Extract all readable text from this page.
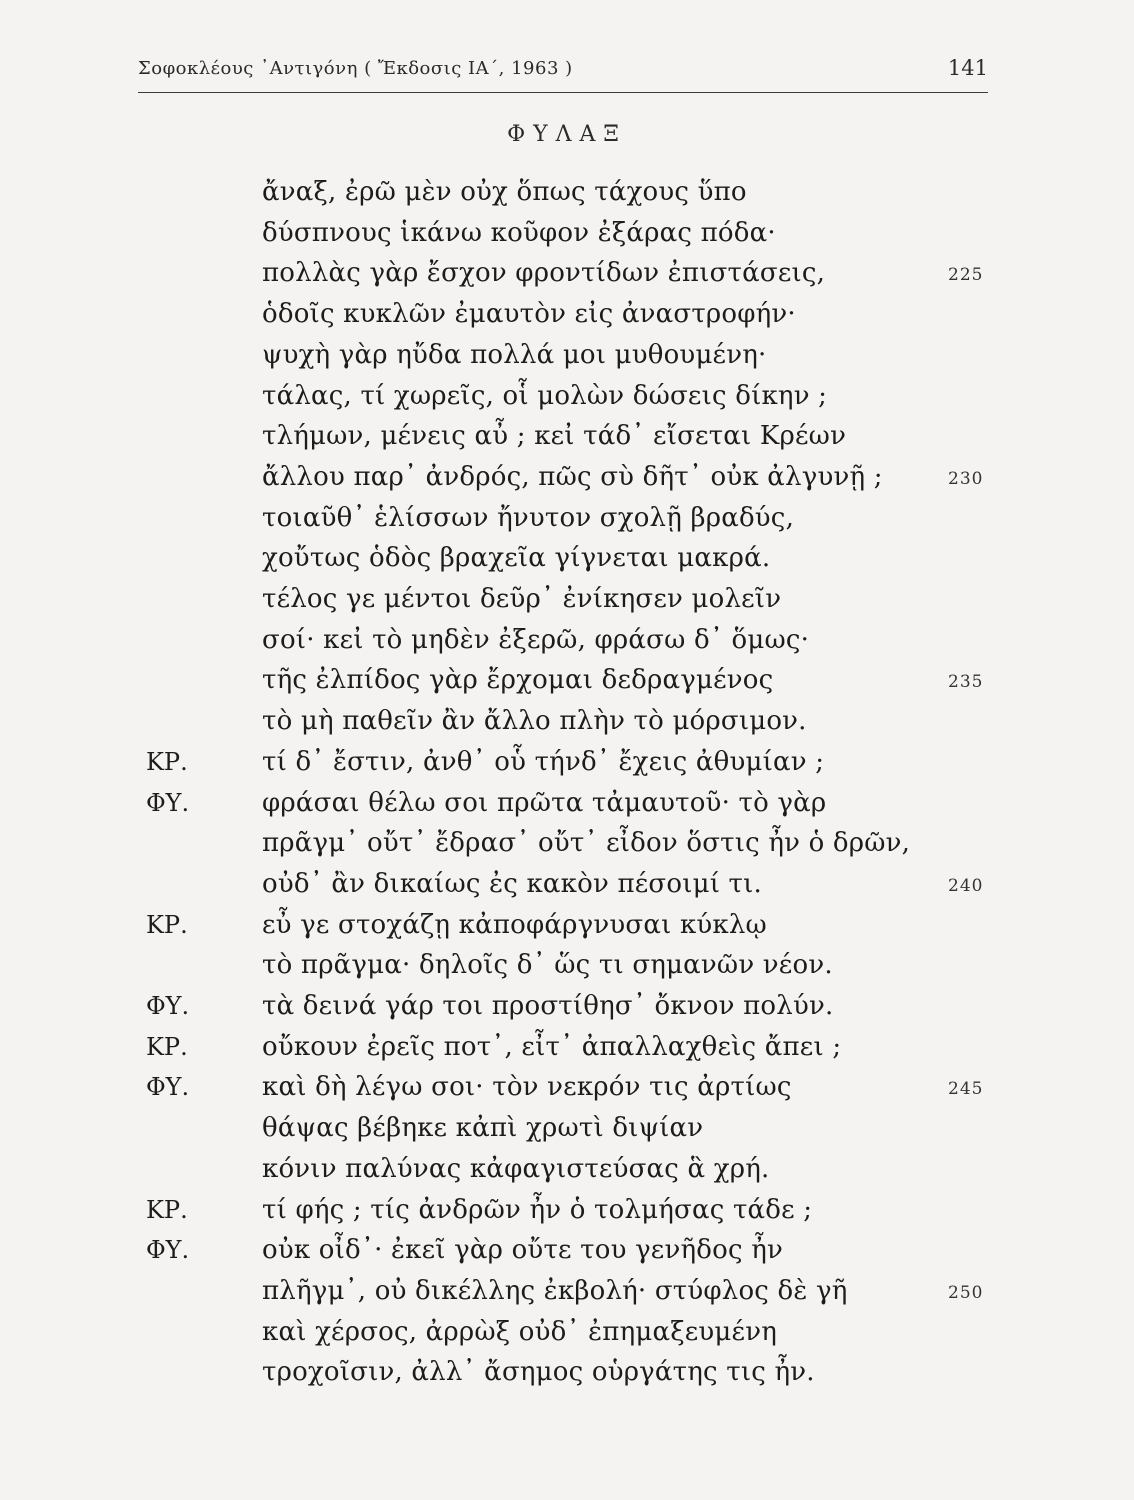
Σοφοκλέους ᾿Αντιγόνη ( Ἔκδοσις ΙΑ΄, 1963 )	141
ΦΥΛΑΞ
ἄναξ, ἐρῶ μὲν οὐχ ὅπως τάχους ὕπο
δύσπνους ἱκάνω κοῦφον ἐξάρας πόδα·
πολλὰς γὰρ ἔσχον φροντίδων ἐπιστάσεις,	225
ὁδοῖς κυκλῶν ἐμαυτὸν εἰς ἀναστροφήν·
ψυχὴ γὰρ ηὔδα πολλά μοι μυθουμένη·
τάλας, τί χωρεῖς, οἷ μολὼν δώσεις δίκην ;
τλήμων, μένεις αὖ ; κεἰ τάδ᾽ εἴσεται Κρέων
ἄλλου παρ᾽ ἀνδρός, πῶς σὺ δῆτ᾽ οὐκ ἀλγυνῇ ;	230
τοιαῦθ᾽ ἑλίσσων ἤνυτον σχολῇ βραδύς,
χοὔτως ὁδὸς βραχεῖα γίγνεται μακρά.
τέλος γε μέντοι δεῦρ᾽ ἐνίκησεν μολεῖν
σοί· κεἰ τὸ μηδὲν ἐξερῶ, φράσω δ᾽ ὅμως·
τῆς ἐλπίδος γὰρ ἔρχομαι δεδραγμένος	235
τὸ μὴ παθεῖν ἂν ἄλλο πλὴν τὸ μόρσιμον.
ΚΡ.	τί δ᾽ ἔστιν, ἀνθ᾽ οὗ τήνδ᾽ ἔχεις ἀθυμίαν ;
ΦΥ.	φράσαι θέλω σοι πρῶτα τἀμαυτοῦ· τὸ γὰρ
πρᾶγμ᾽ οὔτ᾽ ἔδρασ᾽ οὔτ᾽ εἶδον ὅστις ἦν ὁ δρῶν,
οὐδ᾽ ἂν δικαίως ἐς κακὸν πέσοιμί τι.	240
ΚΡ.	εὖ γε στοχάζῃ κἀποφάργνυσαι κύκλῳ
τὸ πρᾶγμα· δηλοῖς δ᾽ ὥς τι σημανῶν νέον.
ΦΥ.	τὰ δεινά γάρ τοι προστίθησ᾽ ὄκνον πολύν.
ΚΡ.	οὔκουν ἐρεῖς ποτ᾽, εἶτ᾽ ἀπαλλαχθεὶς ἄπει ;
ΦΥ.	καὶ δὴ λέγω σοι· τὸν νεκρόν τις ἀρτίως	245
θάψας βέβηκε κἀπὶ χρωτὶ διψίαν
κόνιν παλύνας κἀφαγιστεύσας ἃ χρή.
ΚΡ.	τί φής ; τίς ἀνδρῶν ἦν ὁ τολμήσας τάδε ;
ΦΥ.	οὐκ οἶδ᾽· ἐκεῖ γὰρ οὔτε του γενῆδος ἦν
πλῆγμ᾽, οὐ δικέλλης ἐκβολή· στύφλος δὲ γῆ	250
καὶ χέρσος, ἀρρὼξ οὐδ᾽ ἐπημαξευμένη
τροχοῖσιν, ἀλλ᾽ ἄσημος οὑργάτης τις ἦν.
